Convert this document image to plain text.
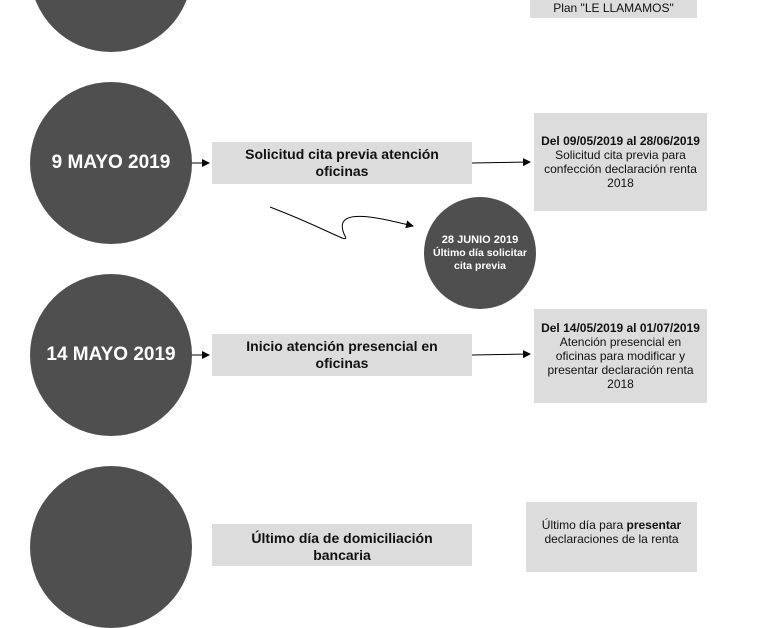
Plan "LE LLAMAMOS"
9 MAYO 2019	Solicitud cita previa atención oficinas
Del 09/05/2019 al 28/06/2019
Solicitud cita previa para confección declaración renta 2018
28 JUNIO 2019
Último día solicitar cita previa
14 MAYO 2019	Inicio atención presencial en oficinas
Del 14/05/2019 al 01/07/2019
Atención presencial en oficinas para modificar y presentar declaración renta 2018
Último día de domiciliación bancaria
Último día para presentar
declaraciones de la renta
